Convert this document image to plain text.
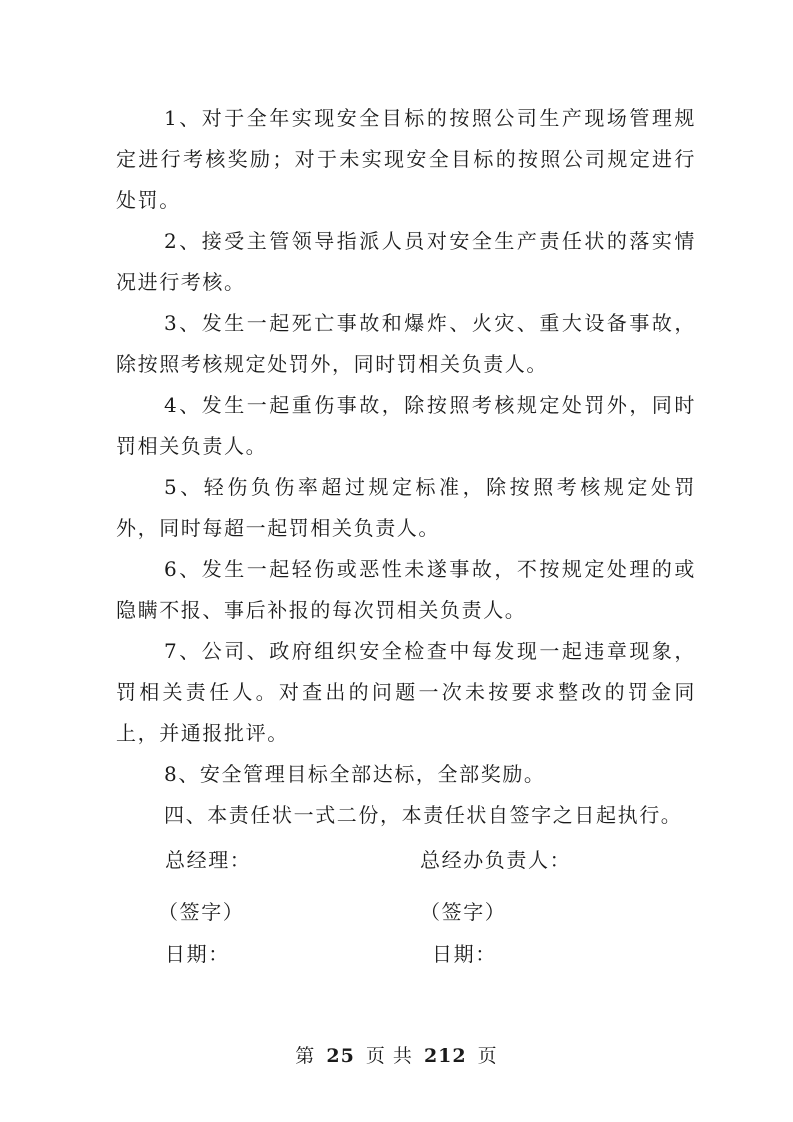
1、对于全年实现安全目标的按照公司生产现场管理规定进行考核奖励；对于未实现安全目标的按照公司规定进行处罚。

2、接受主管领导指派人员对安全生产责任状的落实情况进行考核。

3、发生一起死亡事故和爆炸、火灾、重大设备事故，除按照考核规定处罚外，同时罚相关负责人。

4、发生一起重伤事故，除按照考核规定处罚外，同时罚相关负责人。

5、轻伤负伤率超过规定标准，除按照考核规定处罚外，同时每超一起罚相关负责人。

6、发生一起轻伤或恶性未遂事故，不按规定处理的或隐瞒不报、事后补报的每次罚相关负责人。

7、公司、政府组织安全检查中每发现一起违章现象，罚相关责任人。对查出的问题一次未按要求整改的罚金同上，并通报批评。

8、安全管理目标全部达标，全部奖励。

四、本责任状一式二份，本责任状自签字之日起执行。

总经理：	总经办负责人：
（签字）	（签字）
日期：	日期：
第 25 页 共 212 页
